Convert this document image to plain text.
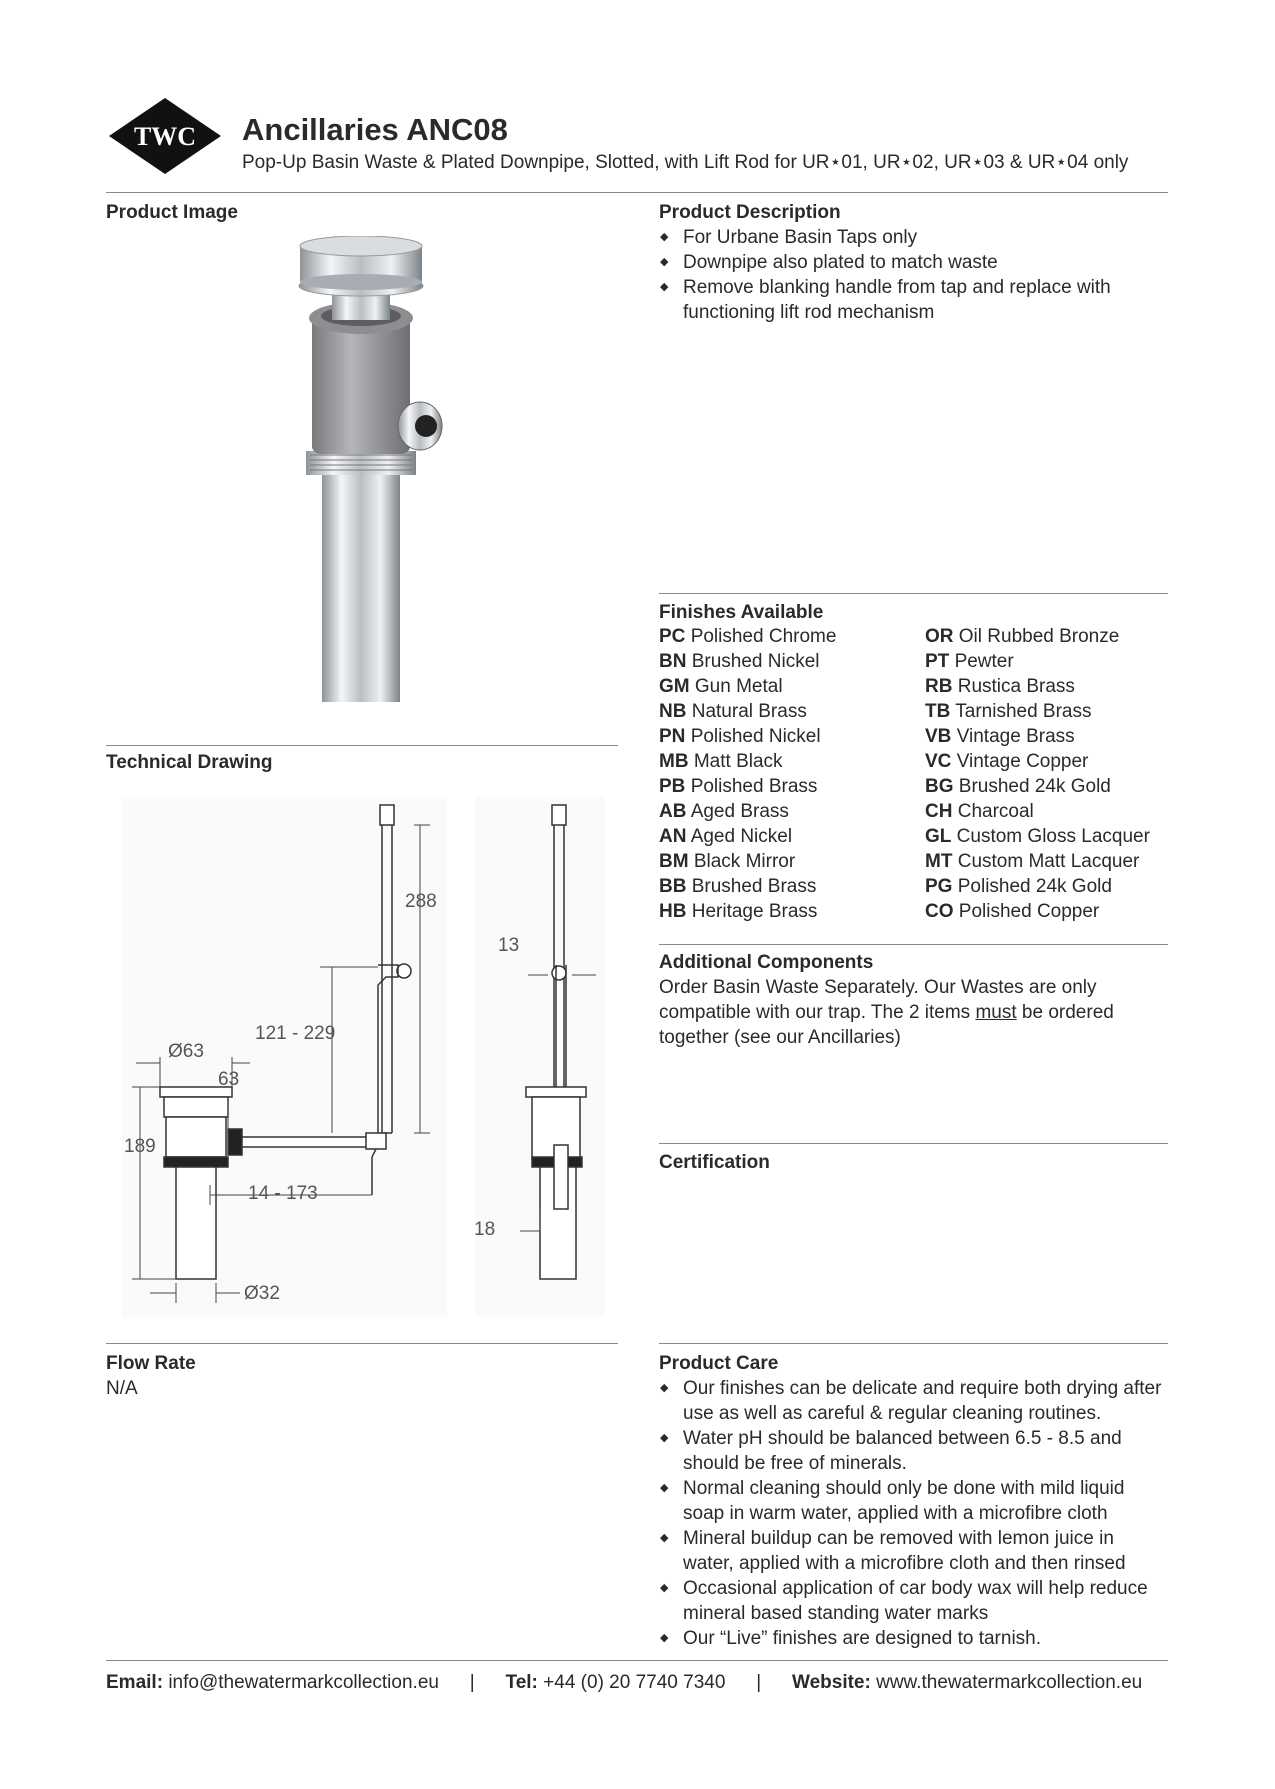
TWC Ancillaries ANC08
Pop-Up Basin Waste & Plated Downpipe, Slotted, with Lift Rod for UR⋆01, UR⋆02, UR⋆03 & UR⋆04 only
Product Image	Product Description
◆ For Urbane Basin Taps only
◆ Downpipe also plated to match waste
◆ Remove blanking handle from tap and replace with functioning lift rod mechanism
Finishes Available
PC Polished Chrome
BN Brushed Nickel
GM Gun Metal
NB Natural Brass
PN Polished Nickel
MB Matt Black
PB Polished Brass
AB Aged Brass
AN Aged Nickel
BM Black Mirror
BB Brushed Brass
HB Heritage Brass
OR Oil Rubbed Bronze
PT Pewter
RB Rustica Brass
TB Tarnished Brass
VB Vintage Brass
VC Vintage Copper
BG Brushed 24k Gold
CH Charcoal
GL Custom Gloss Lacquer
MT Custom Matt Lacquer
PG Polished 24k Gold
CO Polished Copper
Additional Components
Order Basin Waste Separately. Our Wastes are only compatible with our trap. The 2 items must be ordered together (see our Ancillaries)
Certification
Technical Drawing
288
121 - 229
Ø63
63
189
14 - 173
Ø32
13
18
Flow Rate
N/A
Product Care
◆ Our finishes can be delicate and require both drying after use as well as careful & regular cleaning routines.
◆ Water pH should be balanced between 6.5 - 8.5 and should be free of minerals.
◆ Normal cleaning should only be done with mild liquid soap in warm water, applied with a microfibre cloth
◆ Mineral buildup can be removed with lemon juice in water, applied with a microfibre cloth and then rinsed
◆ Occasional application of car body wax will help reduce mineral based standing water marks
◆ Our “Live” finishes are designed to tarnish.
Email: info@thewatermarkcollection.eu | Tel: +44 (0) 20 7740 7340 | Website: www.thewatermarkcollection.eu
